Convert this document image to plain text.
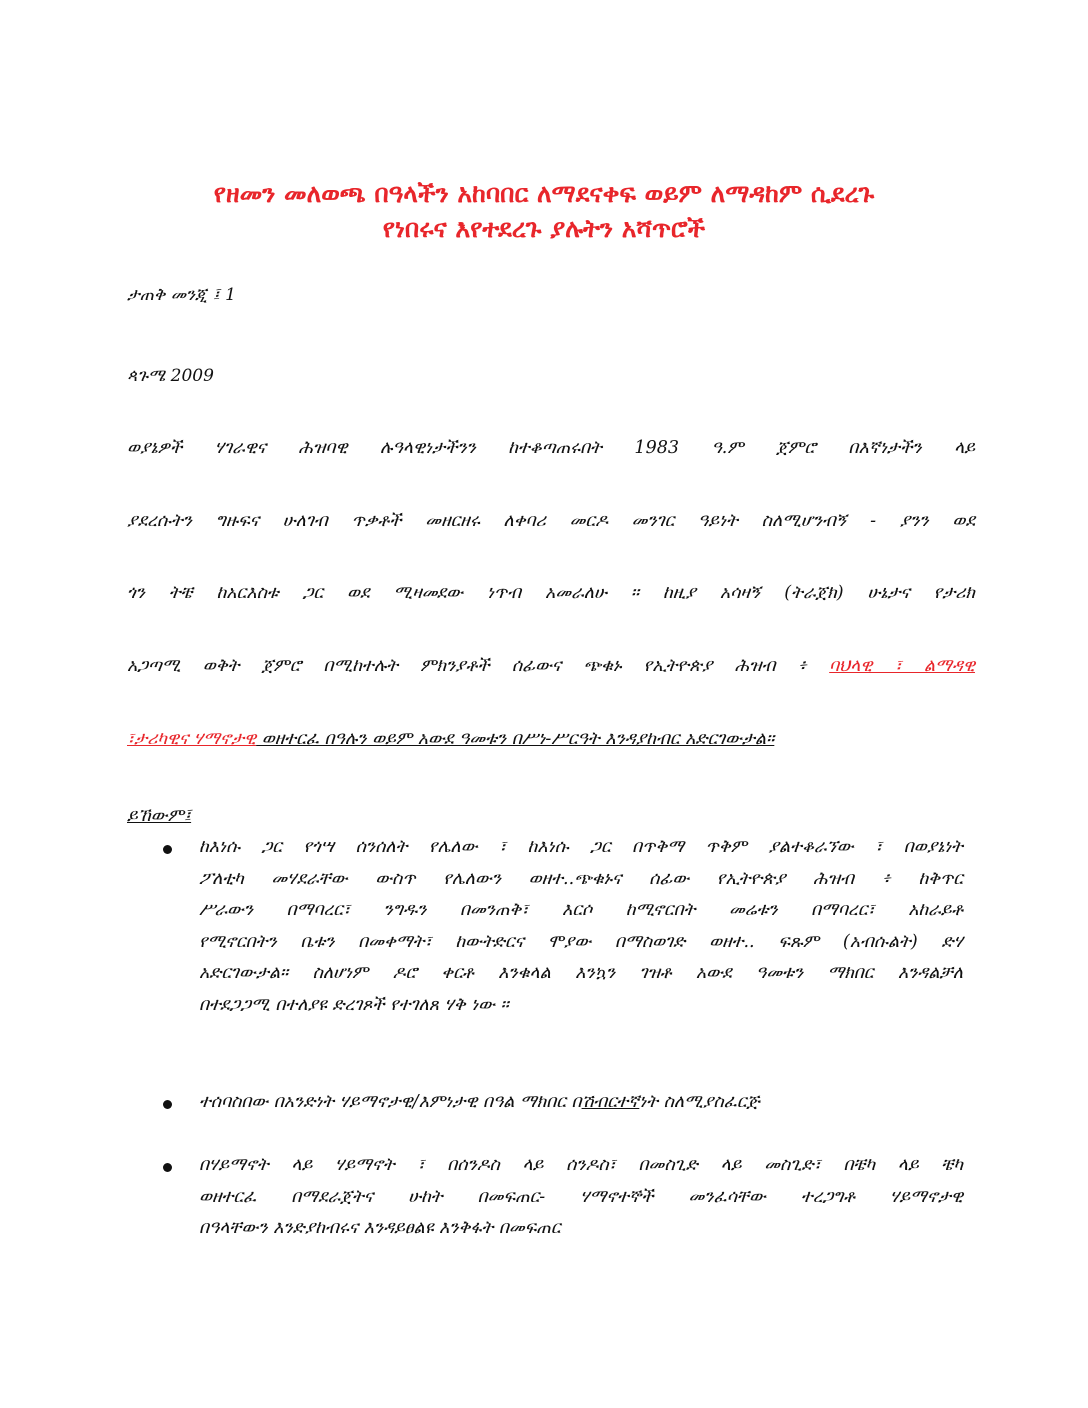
የዘመን መለወጫ በዓላችን አከባበር ለማደናቀፍ ወይም ለማዳከም ሲደረጉ
የነበሩና እየተደረጉ ያሉትን አሻጥሮች
ታጠቅ መንጂ ፤ 1
ጳጉሜ 2009
ወያኔዎች ሃገራዊና ሕዝባዊ ሉዓላዊነታችንን ከተቆጣጠሩበት 1983 ዓ.ም ጀምሮ በእኛነታችን ላይ
ያደረሱትን ግዙፍና ሁለገብ ጥቃቶች መዘርዘሩ ለቀባሪ መርዶ መንገር ዓይነት ስለሚሆንብኝ - ያንን ወደ
ጎን ትቼ ከአርእስቱ ጋር ወደ ሚዛመደው ነጥብ አመራለሁ ፡፡ ከዚያ አሳዛኝ (ትራጀክ) ሁኔታና የታሪክ
አጋጣሚ ወቅት ጀምሮ በሚከተሉት ምክንያቶች ሰፊውና ጭቁኑ የኢትዮጵያ ሕዝብ ፥ ባህላዊ ፣ ልማዳዊ
፣ታሪካዊና ሃማኖታዊ ወዘተርፈ በዓሉን ወይም አውደ ዓመቱን በሥነ-ሥርዓት እንዳያከብር አድርገውታል።
ይኸውም፤
ከእነሱ ጋር የጎሣ ሰንሰለት የሌለው ፣ ከእነሱ ጋር በጥቅማ ጥቅም ያልተቆራኘው ፣ በወያኔነት
ፖለቲካ መሃደራቸው ውስጥ የሌለውን ወዘተ..ጭቁኑና ሰፊው የኢትዮጵያ ሕዝብ ፥ ከቅጥር
ሥራውን በማባረር፣ ንግዱን በመንጠቅ፣ እርሶ ከሚኖርበት መሬቱን በማባረር፣ አከራይቶ
የሚኖርበትን ቤቱን በመቀማት፣ ከውትድርና ሞያው በማስወገድ ወዘተ.. ፍጹም (አብሱልት) ድሃ
አድርገውታል። ስለሆነም ዶሮ ቀርቶ እንቁላል እንኳን ገዝቶ አውደ ዓመቱን ማክበር እንዳልቻለ
በተደጋጋሚ በተለያዩ ድረገጾች የተገለጸ ሃቅ ነው ፡፡
ተሰባስበው በአንድነት ሃይማኖታዊ/እምነታዊ በዓል ማክበር በሽብርተኛነት ስለሚያስፈርጅ
በሃይማኖት ላይ ሃይማኖት ፣ በሰንዶስ ላይ ሰንዶስ፣ በመስጊድ ላይ መስጊድ፣ በቼካ ላይ ቼካ
ወዘተርፈ በማደራጀትና ሁከት በመፍጠር- ሃማኖተኞች መንፈሳቸው ተረጋግቶ ሃይማኖታዊ
በዓላቸውን እንድያከብሩና እንዳይፀልዩ እንቅፋት በመፍጠር
